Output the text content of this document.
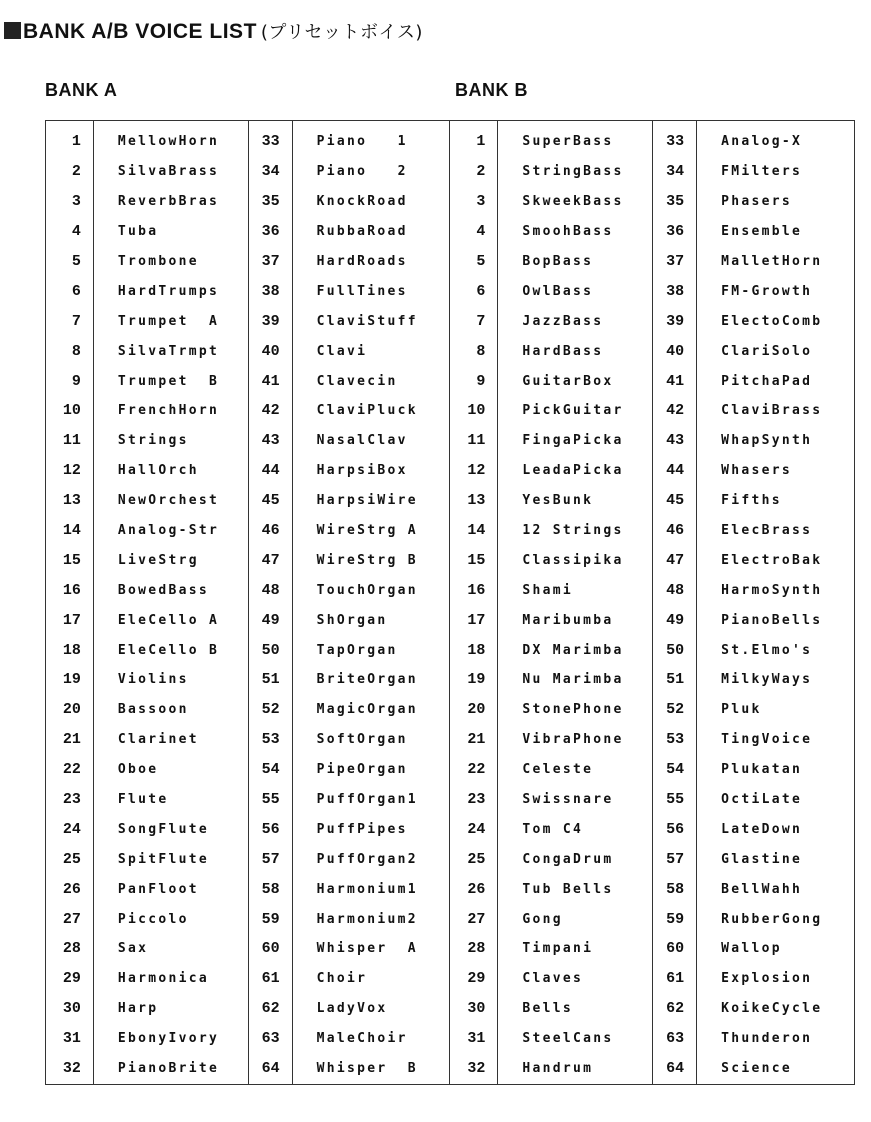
BANK A/B VOICE LIST (プリセットボイス)
BANK A	BANK B
1	MellowHorn	33	Piano   1	1	SuperBass	33	Analog-X
2	SilvaBrass	34	Piano   2	2	StringBass	34	FMilters
3	ReverbBras	35	KnockRoad	3	SkweekBass	35	Phasers
4	Tuba	36	RubbaRoad	4	SmoohBass	36	Ensemble
5	Trombone	37	HardRoads	5	BopBass	37	MalletHorn
6	HardTrumps	38	FullTines	6	OwlBass	38	FM-Growth
7	Trumpet  A	39	ClaviStuff	7	JazzBass	39	ElectoComb
8	SilvaTrmpt	40	Clavi	8	HardBass	40	ClariSolo
9	Trumpet  B	41	Clavecin	9	GuitarBox	41	PitchaPad
10	FrenchHorn	42	ClaviPluck	10	PickGuitar	42	ClaviBrass
11	Strings	43	NasalClav	11	FingaPicka	43	WhapSynth
12	HallOrch	44	HarpsiBox	12	LeadaPicka	44	Whasers
13	NewOrchest	45	HarpsiWire	13	YesBunk	45	Fifths
14	Analog-Str	46	WireStrg A	14	12 Strings	46	ElecBrass
15	LiveStrg	47	WireStrg B	15	Classipika	47	ElectroBak
16	BowedBass	48	TouchOrgan	16	Shami	48	HarmoSynth
17	EleCello A	49	ShOrgan	17	Maribumba	49	PianoBells
18	EleCello B	50	TapOrgan	18	DX Marimba	50	St.Elmo's
19	Violins	51	BriteOrgan	19	Nu Marimba	51	MilkyWays
20	Bassoon	52	MagicOrgan	20	StonePhone	52	Pluk
21	Clarinet	53	SoftOrgan	21	VibraPhone	53	TingVoice
22	Oboe	54	PipeOrgan	22	Celeste	54	Plukatan
23	Flute	55	PuffOrgan1	23	Swissnare	55	OctiLate
24	SongFlute	56	PuffPipes	24	Tom C4	56	LateDown
25	SpitFlute	57	PuffOrgan2	25	CongaDrum	57	Glastine
26	PanFloot	58	Harmonium1	26	Tub Bells	58	BellWahh
27	Piccolo	59	Harmonium2	27	Gong	59	RubberGong
28	Sax	60	Whisper  A	28	Timpani	60	Wallop
29	Harmonica	61	Choir	29	Claves	61	Explosion
30	Harp	62	LadyVox	30	Bells	62	KoikeCycle
31	EbonyIvory	63	MaleChoir	31	SteelCans	63	Thunderon
32	PianoBrite	64	Whisper  B	32	Handrum	64	Science
